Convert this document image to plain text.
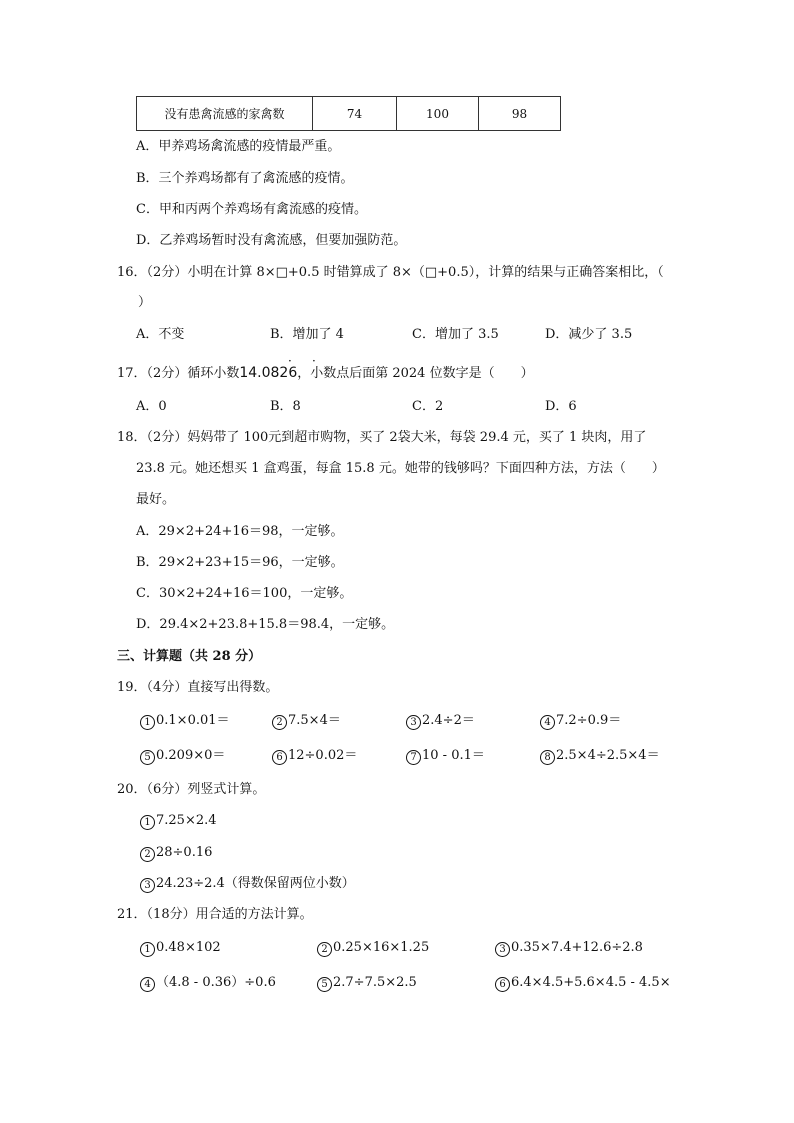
没有患禽流感的家禽数	74	100	98
A．甲养鸡场禽流感的疫情最严重。
B．三个养鸡场都有了禽流感的疫情。
C．甲和丙两个养鸡场有禽流感的疫情。
D．乙养鸡场暂时没有禽流感，但要加强防范。
16．（2分）小明在计算 8×□+0.5 时错算成了 8×（□+0.5），计算的结果与正确答案相比，（
）
A．不变	B．增加了 4	C．增加了 3.5	D．减少了 3.5
17．（2分）循环小数14.0826，小数点后面第 2024 位数字是（　　）
· ·
A．0	B．8	C．2	D．6
18．（2分）妈妈带了 100元到超市购物，买了 2袋大米，每袋 29.4 元，买了 1 块肉，用了
23.8 元。她还想买 1 盒鸡蛋，每盒 15.8 元。她带的钱够吗？下面四种方法，方法（　　）
最好。
A．29×2+24+16＝98，一定够。
B．29×2+23+15＝96，一定够。
C．30×2+24+16＝100，一定够。
D．29.4×2+23.8+15.8＝98.4，一定够。
三、计算题（共 28 分）
19．（4分）直接写出得数。
1 0.1×0.01＝	2 7.5×4＝	3 2.4÷2＝	4 7.2÷0.9＝
5 0.209×0＝	6 12÷0.02＝	7 10 - 0.1＝	8 2.5×4÷2.5×4＝
20．（6分）列竖式计算。
1 7.25×2.4
2 28÷0.16
3 24.23÷2.4（得数保留两位小数）
21．（18分）用合适的方法计算。
1 0.48×102	2 0.25×16×1.25	3 0.35×7.4+12.6÷2.8
4 （4.8 - 0.36）÷0.6	5 2.7÷7.5×2.5	6 6.4×4.5+5.6×4.5 - 4.5×
